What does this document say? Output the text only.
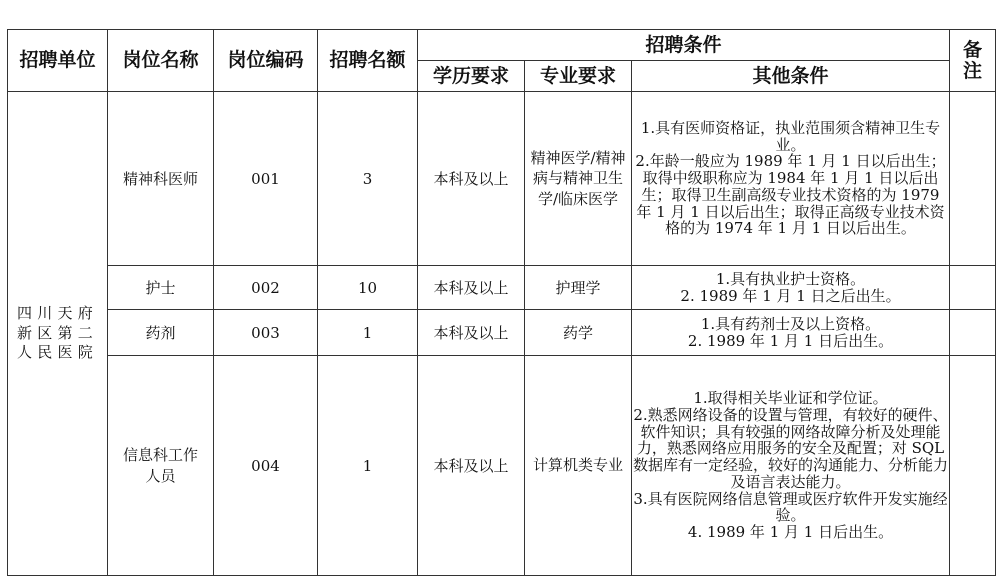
招聘单位	岗位名称	岗位编码	招聘名额	招聘条件			备注
				学历要求	专业要求	其他条件	
四川天府新区第二人民医院	精神科医师	001	3	本科及以上	精神医学/精神病与精神卫生学/临床医学	1.具有医师资格证，执业范围须含精神卫生专业。
2.年龄一般应为 1989 年 1 月 1 日以后出生；取得中级职称应为 1984 年 1 月 1 日以后出生；取得卫生副高级专业技术资格的为 1979 年 1 月 1 日以后出生；取得正高级专业技术资格的为 1974 年 1 月 1 日以后出生。	

	护士	002	10	本科及以上	护理学	1.具有执业护士资格。
2. 1989 年 1 月 1 日之后出生。	

	药剂	003	1	本科及以上	药学	1.具有药剂士及以上资格。
2. 1989 年 1 月 1 日后出生。	

	信息科工作人员	004	1	本科及以上	计算机类专业	1.取得相关毕业证和学位证。
2.熟悉网络设备的设置与管理，有较好的硬件、软件知识；具有较强的网络故障分析及处理能力，熟悉网络应用服务的安全及配置；对 SQL 数据库有一定经验，较好的沟通能力、分析能力及语言表达能力。
3.具有医院网络信息管理或医疗软件开发实施经验。
4. 1989 年 1 月 1 日后出生。	
